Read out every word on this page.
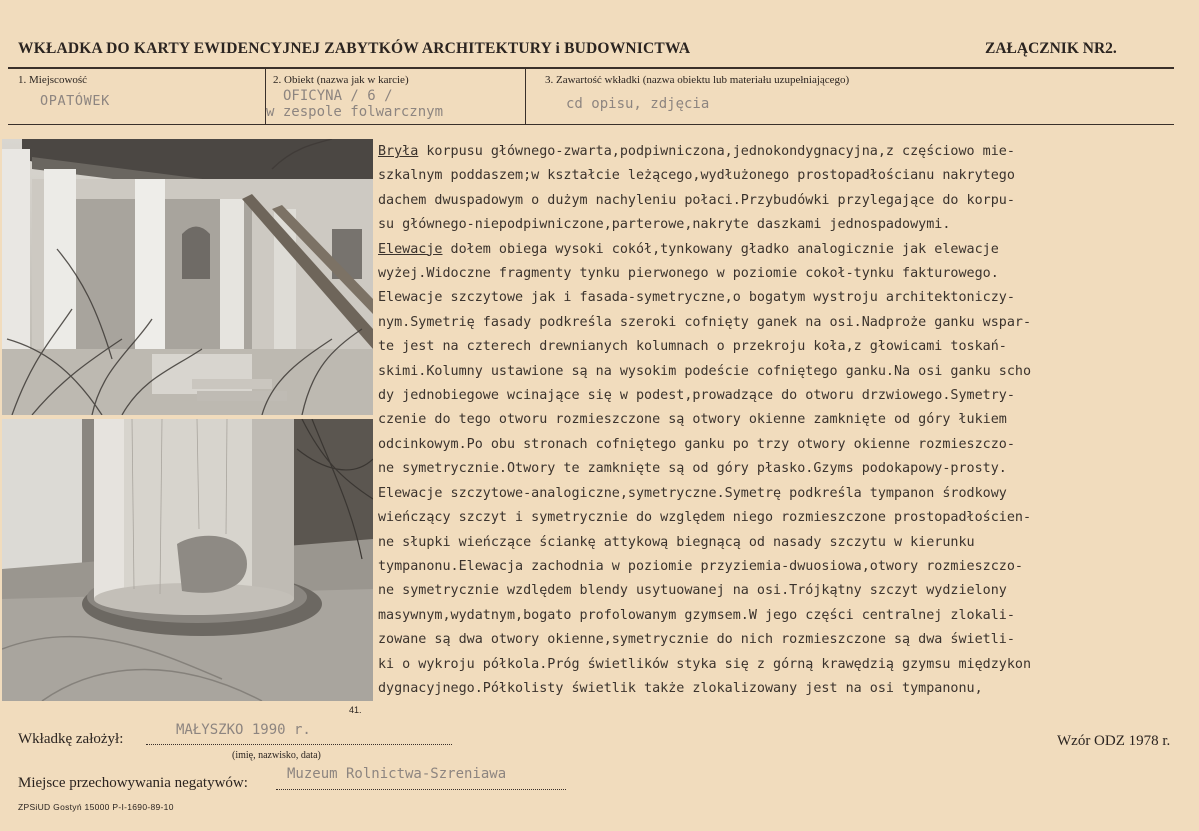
WKŁADKA DO KARTY EWIDENCYJNEJ ZABYTKÓW ARCHITEKTURY i BUDOWNICTWA	ZAŁĄCZNIK NR2.
1. Miejscowość
OPATÓWEK
2. Obiekt (nazwa jak w karcie)
OFICYNA / 6 /
w zespole folwarcznym
3. Zawartość wkładki (nazwa obiektu lub materiału uzupełniającego)
cd opisu, zdjęcia
41.
Bryła korpusu głównego-zwarta,podpiwniczona,jednokondygnacyjna,z częściowo mie-
szkalnym poddaszem;w kształcie leżącego,wydłużonego prostopadłościanu nakrytego
dachem dwuspadowym o dużym nachyleniu połaci.Przybudówki przylegające do korpu-
su głównego-niepodpiwniczone,parterowe,nakryte daszkami jednospadowymi.
Elewacje dołem obiega wysoki cokół,tynkowany gładko analogicznie jak elewacje
wyżej.Widoczne fragmenty tynku pierwonego w poziomie cokoł-tynku fakturowego.
Elewacje szczytowe jak i fasada-symetryczne,o bogatym wystroju architektoniczy-
nym.Symetrię fasady podkreśla szeroki cofnięty ganek na osi.Nadproże ganku wspar-
te jest na czterech drewnianych kolumnach o przekroju koła,z głowicami toskań-
skimi.Kolumny ustawione są na wysokim podeście cofniętego ganku.Na osi ganku scho
dy jednobiegowe wcinające się w podest,prowadzące do otworu drzwiowego.Symetry-
czenie do tego otworu rozmieszczone są otwory okienne zamknięte od góry łukiem
odcinkowym.Po obu stronach cofniętego ganku po trzy otwory okienne rozmieszczo-
ne symetrycznie.Otwory te zamknięte są od góry płasko.Gzyms podokapowy-prosty.
Elewacje szczytowe-analogiczne,symetryczne.Symetrę podkreśla tympanon środkowy
wieńczący szczyt i symetrycznie do względem niego rozmieszczone prostopadłościen-
ne słupki wieńczące ściankę attykową biegnącą od nasady szczytu w kierunku
tympanonu.Elewacja zachodnia w poziomie przyziemia-dwuosiowa,otwory rozmieszczo-
ne symetrycznie wzdlędem blendy usytuowanej na osi.Trójkątny szczyt wydzielony
masywnym,wydatnym,bogato profolowanym gzymsem.W jego części centralnej zlokali-
zowane są dwa otwory okienne,symetrycznie do nich rozmieszczone są dwa świetli-
ki o wykroju półkola.Próg świetlików styka się z górną krawędzią gzymsu międzykon
dygnacyjnego.Półkolisty świetlik także zlokalizowany jest na osi tympanonu,
Wkładkę założył:
MAŁYSZKO 1990 r.
(imię, nazwisko, data)
Wzór ODZ 1978 r.
Miejsce przechowywania negatywów:
Muzeum Rolnictwa-Szreniawa
ZPSiUD Gostyń 15000 P-I-1690-89-10
